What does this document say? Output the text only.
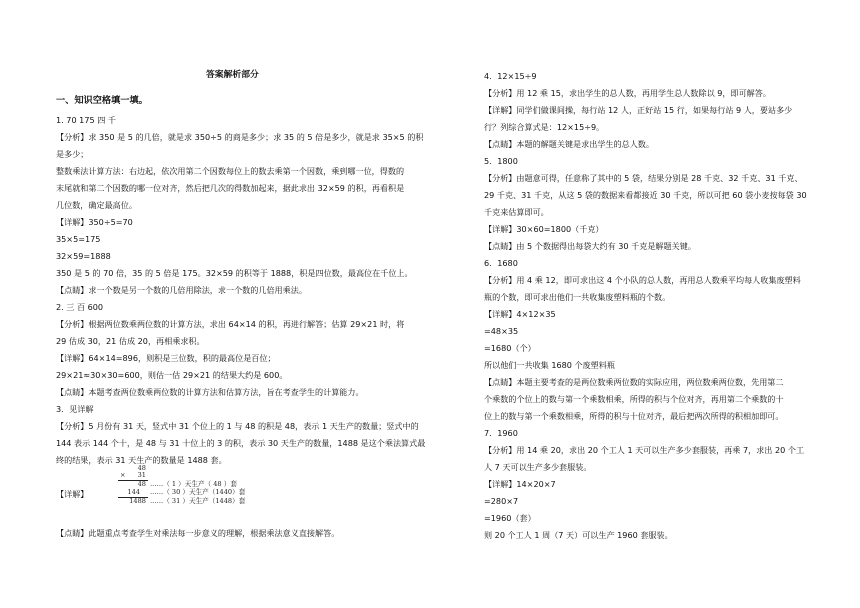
答案解析部分
一、知识空格填一填。
1. 70 175 四 千
【分析】求 350 是 5 的几倍，就是求 350÷5 的商是多少；求 35 的 5 倍是多少，就是求 35×5 的积
是多少；
整数乘法计算方法：右边起，依次用第二个因数每位上的数去乘第一个因数，乘到哪一位，得数的
末尾就和第二个因数的哪一位对齐，然后把几次的得数加起来，据此求出 32×59 的积，再看积是
几位数，确定最高位。
【详解】350÷5=70
35×5=175
32×59=1888
350 是 5 的 70 倍，35 的 5 倍是 175。32×59 的积等于 1888，积是四位数，最高位在千位上。
【点睛】求一个数是另一个数的几倍用除法，求一个数的几倍用乘法。
2. 三 百 600
【分析】根据两位数乘两位数的计算方法，求出 64×14 的积，再进行解答；估算 29×21 时，将
29 估成 30，21 估成 20，再相乘求积。
【详解】64×14=896，则积是三位数，积的最高位是百位；
29×21≈30×30=600，则估一估 29×21 的结果大约是 600。
【点睛】本题考查两位数乘两位数的计算方法和估算方法，旨在考查学生的计算能力。
3．见详解
【分析】5 月份有 31 天，竖式中 31 个位上的 1 与 48 的积是 48，表示 1 天生产的数量；竖式中的
144 表示 144 个十，是 48 与 31 十位上的 3 的积，表示 30 天生产的数量，1488 是这个乘法算式最
终的结果，表示 31 天生产的数量是 1488 套。
【详解】
48
×	31
48 ……（ 1 ）天生产（ 48 ）套
144 ……（ 30 ）天生产（1440）套
1488 ……（ 31 ）天生产（1448）套
【点睛】此题重点考查学生对乘法每一步意义的理解，根据乘法意义直接解答。
4．12×15÷9
【分析】用 12 乘 15，求出学生的总人数，再用学生总人数除以 9，即可解答。
【详解】同学们做课间操，每行站 12 人，正好站 15 行，如果每行站 9 人，要站多少
行？列综合算式是：12×15÷9。
【点睛】本题的解题关键是求出学生的总人数。
5．1800
【分析】由题意可得，任意称了其中的 5 袋，结果分别是 28 千克、32 千克、31 千克、
29 千克、31 千克，从这 5 袋的数据来看都接近 30 千克，所以可把 60 袋小麦按每袋 30
千克来估算即可。
【详解】30×60=1800（千克）
【点睛】由 5 个数据得出每袋大约有 30 千克是解题关键。
6．1680
【分析】用 4 乘 12，即可求出这 4 个小队的总人数，再用总人数乘平均每人收集废塑料
瓶的个数，即可求出他们一共收集废塑料瓶的个数。
【详解】4×12×35
=48×35
=1680（个）
所以他们一共收集 1680 个废塑料瓶
【点睛】本题主要考查的是两位数乘两位数的实际应用，两位数乘两位数，先用第二
个乘数的个位上的数与第一个乘数相乘，所得的积与个位对齐，再用第二个乘数的十
位上的数与第一个乘数相乘，所得的积与十位对齐，最后把两次所得的积相加即可。
7．1960
【分析】用 14 乘 20，求出 20 个工人 1 天可以生产多少套服装，再乘 7，求出 20 个工
人 7 天可以生产多少套服装。
【详解】14×20×7
=280×7
=1960（套）
则 20 个工人 1 周（7 天）可以生产 1960 套服装。
